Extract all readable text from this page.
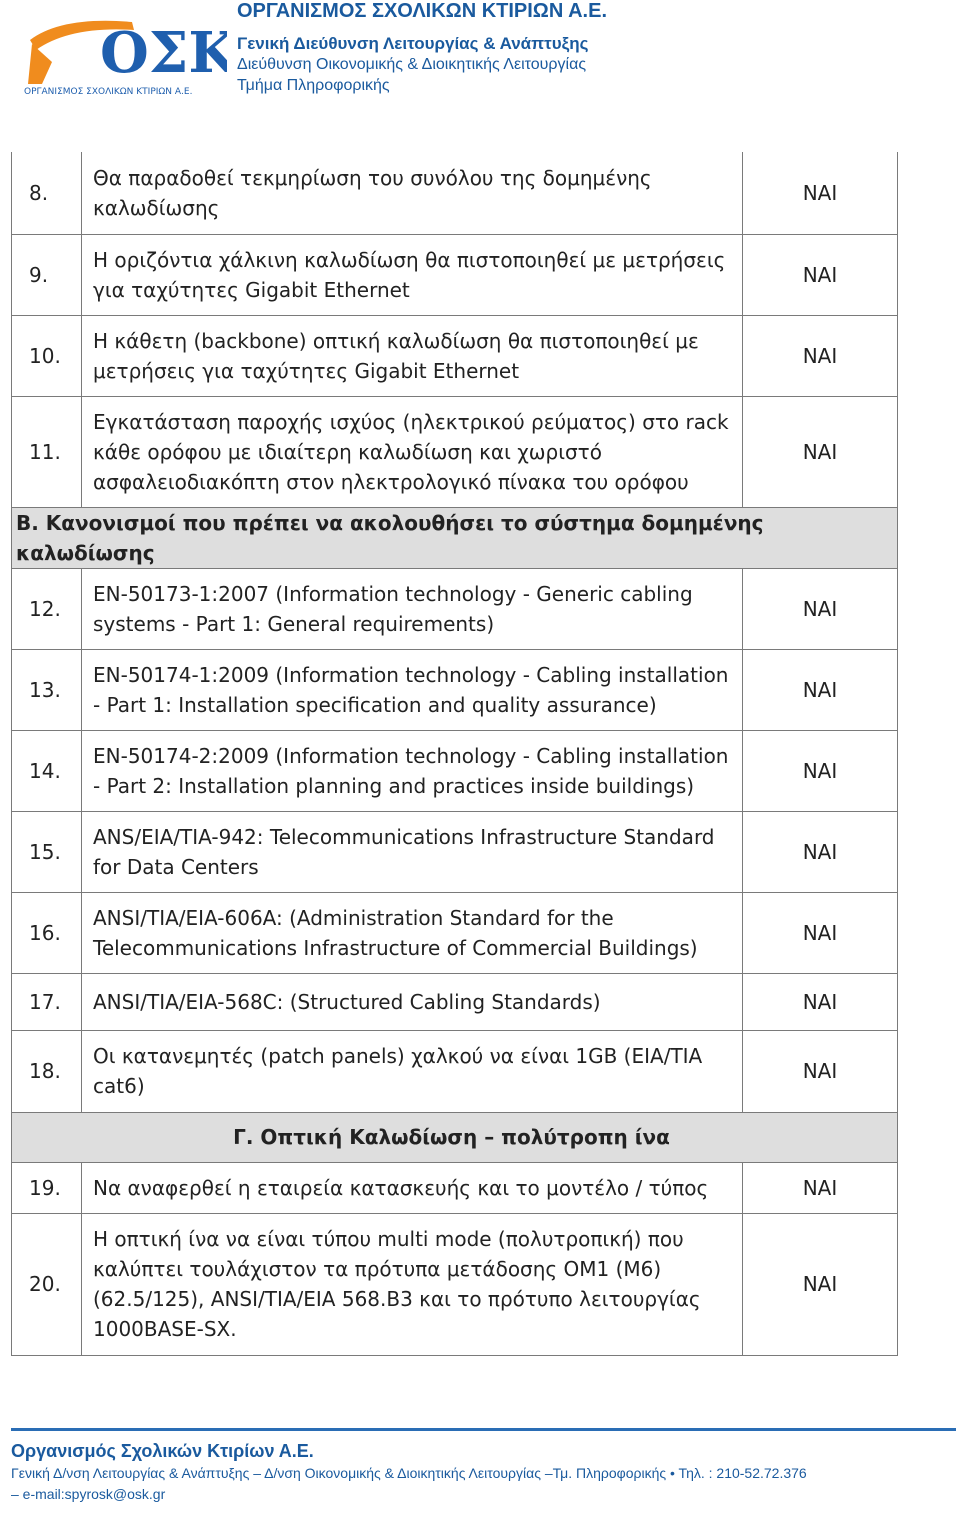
ΟΣΚ
ΟΡΓΑΝΙΣΜΟΣ ΣΧΟΛΙΚΩΝ ΚΤΙΡΙΩΝ Α.Ε.
ΟΡΓΑΝΙΣΜΟΣ ΣΧΟΛΙΚΩΝ ΚΤΙΡΙΩΝ Α.Ε.
Γενική Διεύθυνση Λειτουργίας & Ανάπτυξης
Διεύθυνση Οικονομικής & Διοικητικής Λειτουργίας
Τμήμα Πληροφορικής
8.	Θα παραδοθεί τεκμηρίωση του συνόλου της δομημένης καλωδίωσης	ΝΑΙ
9.	Η οριζόντια χάλκινη καλωδίωση θα πιστοποιηθεί με μετρήσεις για ταχύτητες Gigabit Ethernet	ΝΑΙ
10.	Η κάθετη (backbone) οπτική καλωδίωση θα πιστοποιηθεί με μετρήσεις για ταχύτητες Gigabit Ethernet	ΝΑΙ
11.	Εγκατάσταση παροχής ισχύος (ηλεκτρικού ρεύματος) στο rack κάθε ορόφου με ιδιαίτερη καλωδίωση και χωριστό ασφαλειοδιακόπτη στον ηλεκτρολογικό πίνακα του ορόφου	ΝΑΙ
Β. Κανονισμοί που πρέπει να ακολουθήσει το σύστημα δομημένης καλωδίωσης		
12.	EN-50173-1:2007 (Information technology - Generic cabling systems - Part 1: General requirements)	ΝΑΙ
13.	EN-50174-1:2009 (Information technology - Cabling installation - Part 1: Installation specification and quality assurance)	ΝΑΙ
14.	EN-50174-2:2009 (Information technology - Cabling installation - Part 2: Installation planning and practices inside buildings)	ΝΑΙ
15.	ANS/EIA/TIA-942: Telecommunications Infrastructure Standard for Data Centers	ΝΑΙ
16.	ANSI/TIA/EIA-606A: (Administration Standard for the Telecommunications Infrastructure of Commercial Buildings)	ΝΑΙ
17.	ANSI/TIA/EIA-568C: (Structured Cabling Standards)	ΝΑΙ
18.	Οι κατανεμητές (patch panels) χαλκού να είναι 1GB (EIA/TIA cat6)	ΝΑΙ
Γ. Οπτική Καλωδίωση – πολύτροπη ίνα		
19.	Να αναφερθεί η εταιρεία κατασκευής και το μοντέλο / τύπος	ΝΑΙ
20.	Η οπτική ίνα να είναι τύπου multi mode (πολυτροπική) που καλύπτει τουλάχιστον τα πρότυπα μετάδοσης OM1 (M6) (62.5/125), ANSI/TIA/EIA 568.B3 και το πρότυπο λειτουργίας 1000BASE-SX.	ΝΑΙ
Οργανισμός Σχολικών Κτιρίων Α.Ε.
Γενική Δ/νση Λειτουργίας & Ανάπτυξης – Δ/νση Οικονομικής & Διοικητικής Λειτουργίας –Τμ. Πληροφορικής • Τηλ. : 210-52.72.376 – e-mail:spyrosk@osk.gr
